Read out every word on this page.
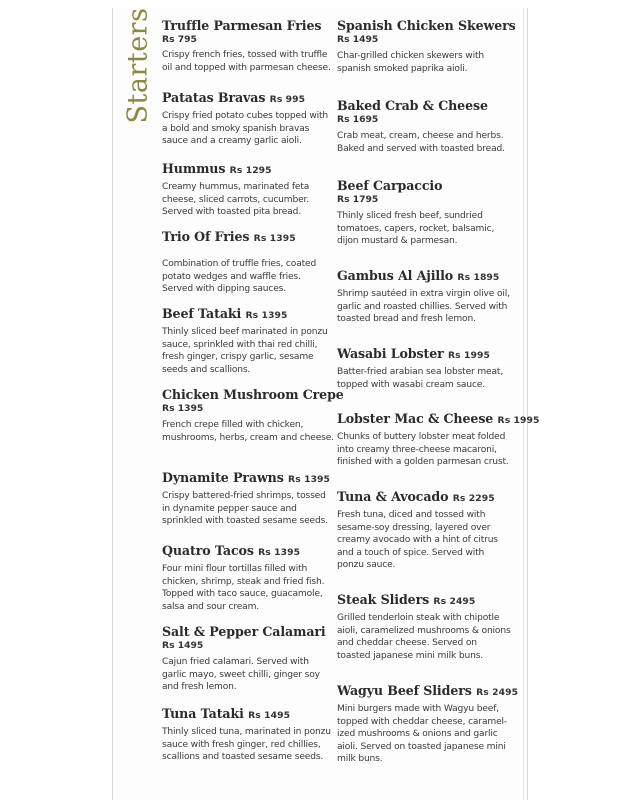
Starters Truffle Parmesan Fries
Rs 795
Crispy french fries, tossed with truffle oil and topped with parmesan cheese.
Patatas Bravas Rs 995
Crispy fried potato cubes topped with a bold and smoky spanish bravas sauce and a creamy garlic aioli.
Hummus Rs 1295
Creamy hummus, marinated feta cheese, sliced carrots, cucumber. Served with toasted pita bread.
Trio Of Fries Rs 1395
Combination of truffle fries, coated potato wedges and waffle fries. Served with dipping sauces.
Beef Tataki Rs 1395
Thinly sliced beef marinated in ponzu sauce, sprinkled with thai red chilli, fresh ginger, crispy garlic, sesame seeds and scallions.
Chicken Mushroom Crepe
Rs 1395
French crepe filled with chicken, mushrooms, herbs, cream and cheese.
Dynamite Prawns Rs 1395
Crispy battered-fried shrimps, tossed in dynamite pepper sauce and sprinkled with toasted sesame seeds.
Quatro Tacos Rs 1395
Four mini flour tortillas filled with chicken, shrimp, steak and fried fish. Topped with taco sauce, guacamole, salsa and sour cream.
Salt & Pepper Calamari
Rs 1495
Cajun fried calamari. Served with garlic mayo, sweet chilli, ginger soy and fresh lemon.
Tuna Tataki Rs 1495
Thinly sliced tuna, marinated in ponzu sauce with fresh ginger, red chillies, scallions and toasted sesame seeds.
Spanish Chicken Skewers
Rs 1495
Char-grilled chicken skewers with spanish smoked paprika aioli.
Baked Crab & Cheese
Rs 1695
Crab meat, cream, cheese and herbs. Baked and served with toasted bread.
Beef Carpaccio
Rs 1795
Thinly sliced fresh beef, sundried tomatoes, capers, rocket, balsamic, dijon mustard & parmesan.
Gambus Al Ajillo Rs 1895
Shrimp sautéed in extra virgin olive oil, garlic and roasted chillies. Served with toasted bread and fresh lemon.
Wasabi Lobster Rs 1995
Batter-fried arabian sea lobster meat, topped with wasabi cream sauce.
Lobster Mac & Cheese Rs 1995
Chunks of buttery lobster meat folded into creamy three-cheese macaroni, finished with a golden parmesan crust.
Tuna & Avocado Rs 2295
Fresh tuna, diced and tossed with sesame-soy dressing, layered over creamy avocado with a hint of citrus and a touch of spice. Served with ponzu sauce.
Steak Sliders Rs 2495
Grilled tenderloin steak with chipotle aioli, caramelized mushrooms & onions and cheddar cheese. Served on toasted japanese mini milk buns.
Wagyu Beef Sliders Rs 2495
Mini burgers made with Wagyu beef, topped with cheddar cheese, caramel-ized mushrooms & onions and garlic aioli. Served on toasted japanese mini milk buns.
